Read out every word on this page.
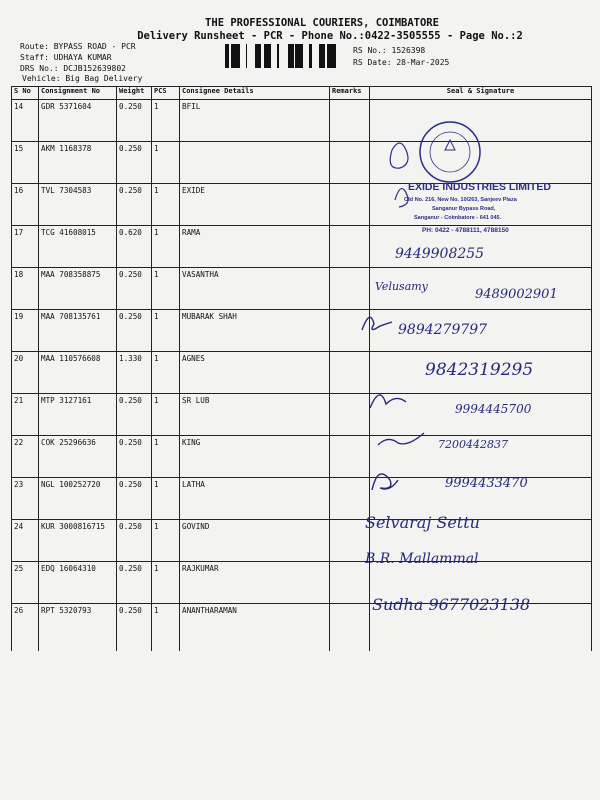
THE PROFESSIONAL COURIERS, COIMBATORE
Delivery Runsheet - PCR - Phone No.:0422-3505555 - Page No.:2
Route: BYPASS ROAD - PCR
Staff: UDHAYA KUMAR
DRS No.: DCJB152639802
Vehicle: Big Bag Delivery
RS No.: 1526398
RS Date: 28-Mar-2025
S No	Consignment No	Weight	PCS	Consignee Details	Remarks	Seal & Signature
14	GDR 5371604	0.250	1	BFIL		
15	AKM 1168378	0.250	1			
16	TVL 7304583	0.250	1	EXIDE		
17	TCG 41608015	0.620	1	RAMA		
18	MAA 708358875	0.250	1	VASANTHA		
19	MAA 708135761	0.250	1	MUBARAK SHAH		
20	MAA 110576608	1.330	1	AGNES		
21	MTP 3127161	0.250	1	SR LUB		
22	COK 25296636	0.250	1	KING		
23	NGL 100252720	0.250	1	LATHA		
24	KUR 3000816715	0.250	1	GOVIND		
25	EDQ 16064310	0.250	1	RAJKUMAR		
26	RPT 5320793	0.250	1	ANANTHARAMAN		
EXIDE INDUSTRIES LIMITED
Old No. 216, New No. 10/263, Sanjeev Plaza
Sanganur Bypass Road,
Sanganur - Coimbatore - 641 045.
PH: 0422 - 4788111, 4788150
9449908255
Velusamy
9489002901
9894279797
9842319295
9994445700
7200442837
9994433470
Selvaraj Settu
B.R. Mallammal
Sudha 9677023138
